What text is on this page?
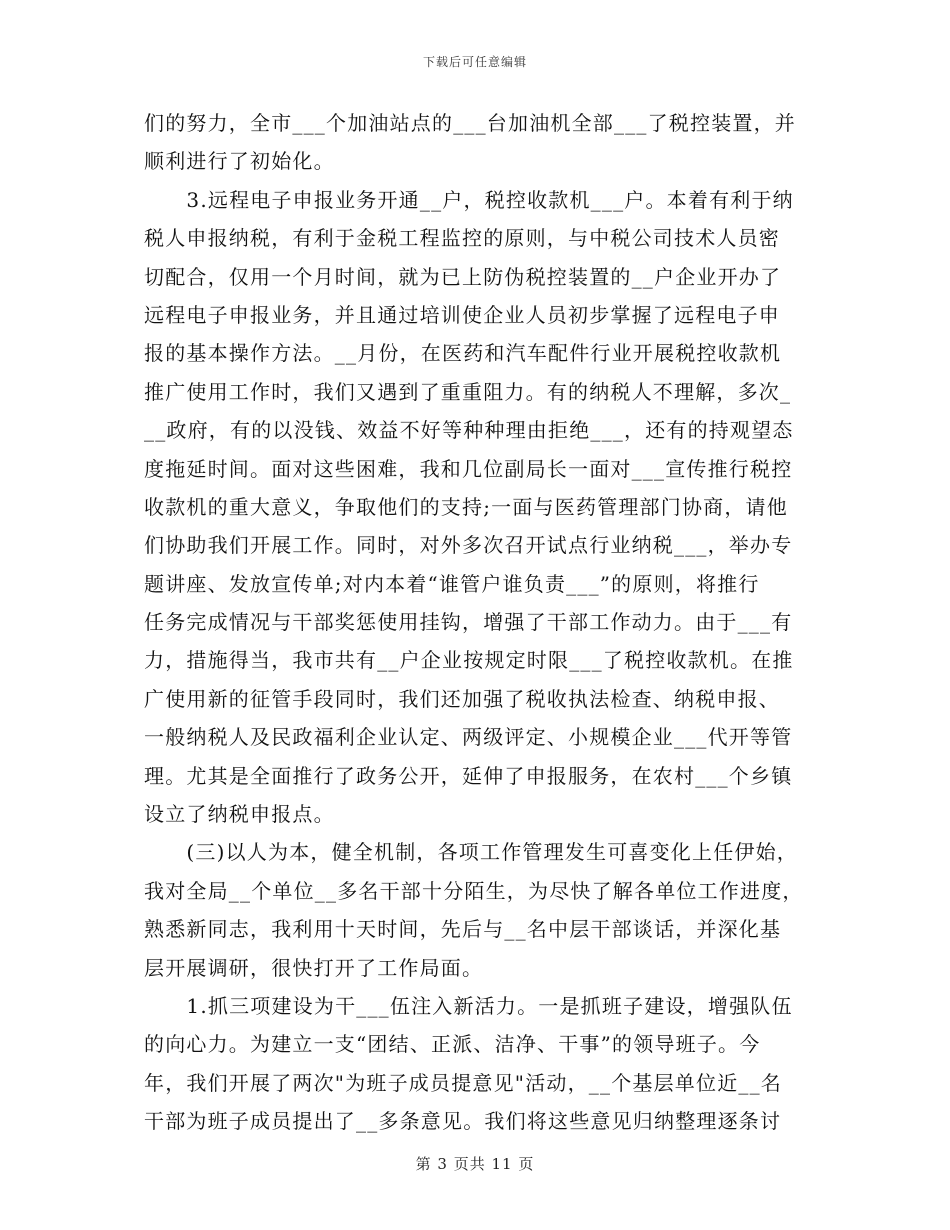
下载后可任意编辑
们的努力，全市___个加油站点的___台加油机全部___了税控装置，并
顺利进行了初始化。
　　3.远程电子申报业务开通__户，税控收款机___户。本着有利于纳
税人申报纳税，有利于金税工程监控的原则，与中税公司技术人员密
切配合，仅用一个月时间，就为已上防伪税控装置的__户企业开办了
远程电子申报业务，并且通过培训使企业人员初步掌握了远程电子申
报的基本操作方法。__月份，在医药和汽车配件行业开展税控收款机
推广使用工作时，我们又遇到了重重阻力。有的纳税人不理解，多次_
__政府，有的以没钱、效益不好等种种理由拒绝___，还有的持观望态
度拖延时间。面对这些困难，我和几位副局长一面对___宣传推行税控
收款机的重大意义，争取他们的支持;一面与医药管理部门协商，请他
们协助我们开展工作。同时，对外多次召开试点行业纳税___，举办专
题讲座、发放宣传单;对内本着“谁管户谁负责___”的原则，将推行
任务完成情况与干部奖惩使用挂钩，增强了干部工作动力。由于___有
力，措施得当，我市共有__户企业按规定时限___了税控收款机。在推
广使用新的征管手段同时，我们还加强了税收执法检查、纳税申报、
一般纳税人及民政福利企业认定、两级评定、小规模企业___代开等管
理。尤其是全面推行了政务公开，延伸了申报服务，在农村___个乡镇
设立了纳税申报点。
　　(三)以人为本，健全机制，各项工作管理发生可喜变化上任伊始，
我对全局__个单位__多名干部十分陌生，为尽快了解各单位工作进度，
熟悉新同志，我利用十天时间，先后与__名中层干部谈话，并深化基
层开展调研，很快打开了工作局面。
　　1.抓三项建设为干___伍注入新活力。一是抓班子建设，增强队伍
的向心力。为建立一支“团结、正派、洁净、干事”的领导班子。今
年，我们开展了两次"为班子成员提意见"活动，__个基层单位近__名
干部为班子成员提出了__多条意见。我们将这些意见归纳整理逐条讨
第 3 页共 11 页
